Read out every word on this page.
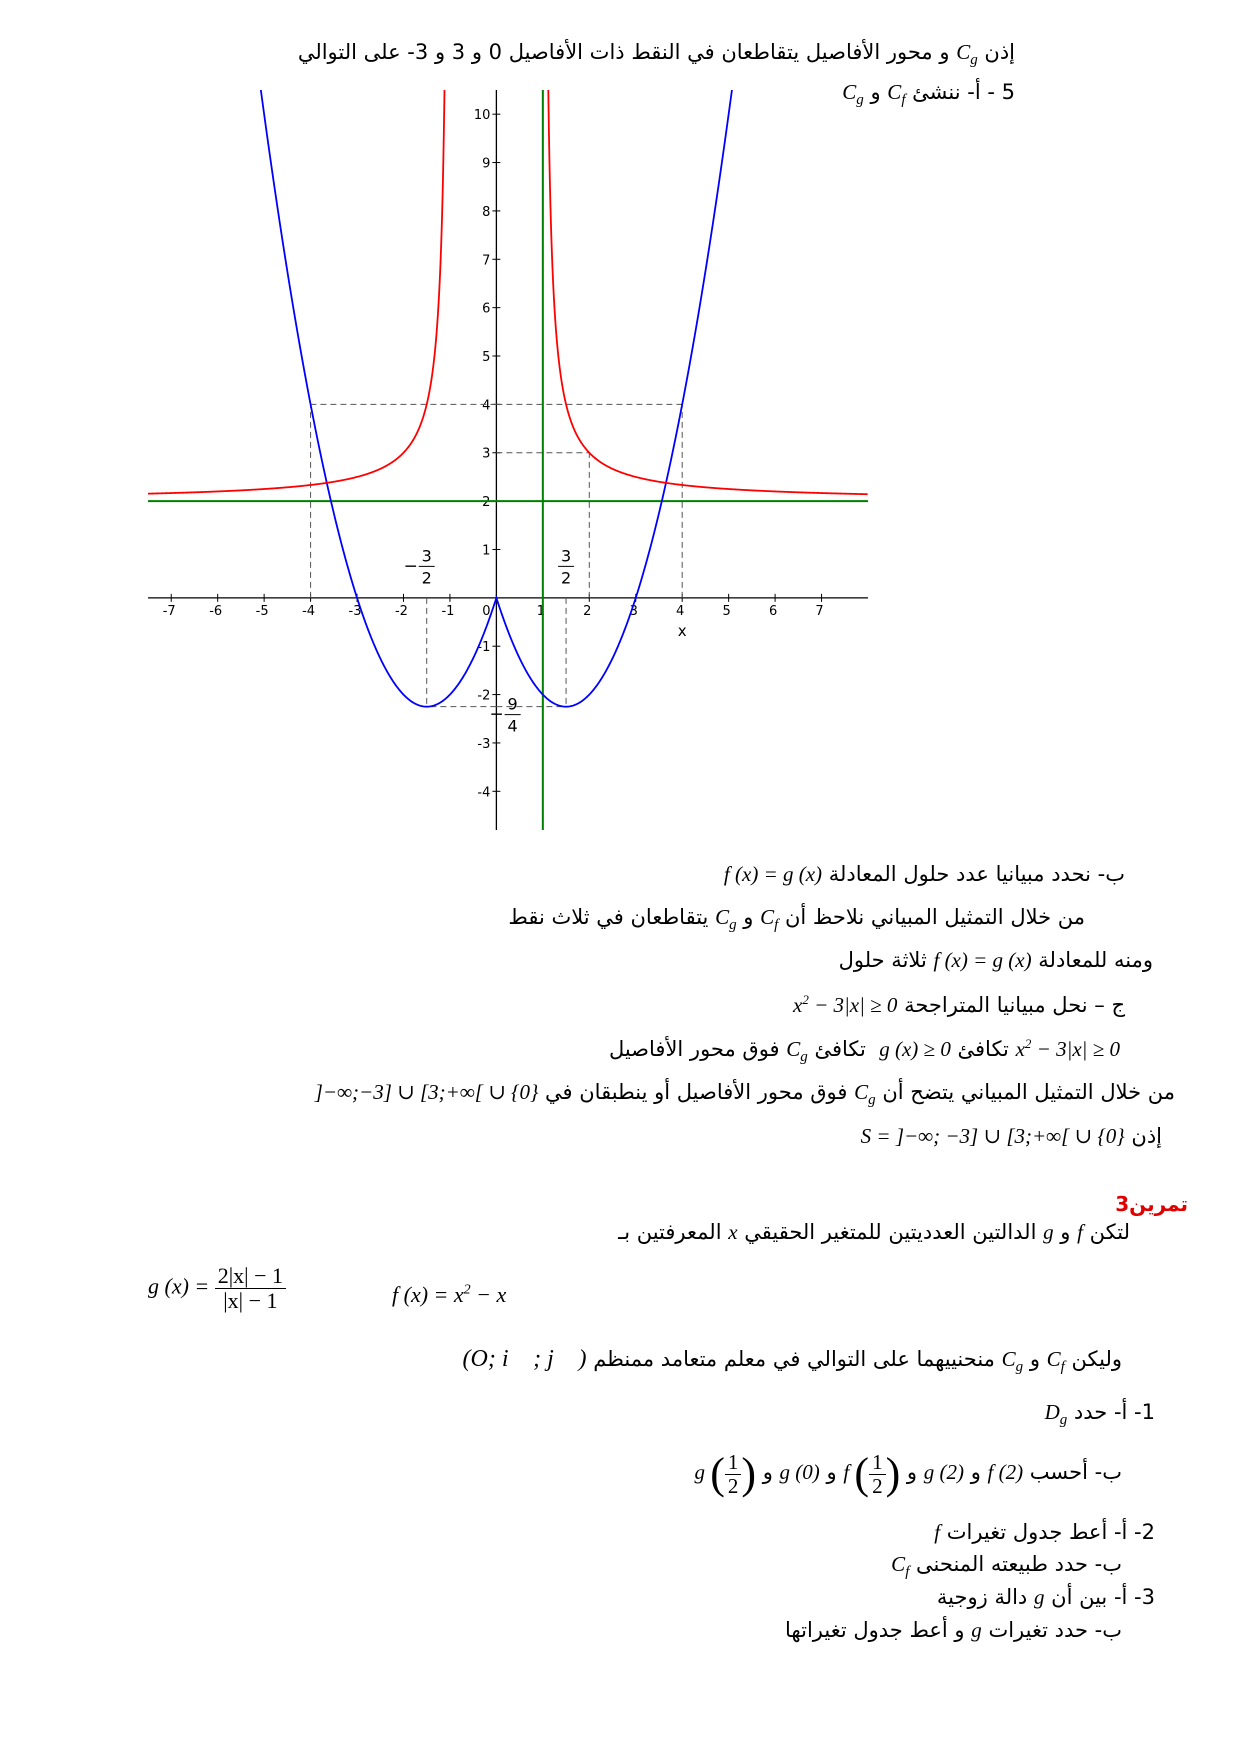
إذن $C_g$ و محور الأفاصيل يتقاطعان في النقط ذات الأفاصيل 0 و 3 و 3- على التوالي
5 - أ- ننشئ $C_f$ و $C_g$
-7	-6	-5	-4	-3	-2	-1 0	1	2	3	4	5	6	7
-4
-3
-2
-1
1
2
3
4
5
6
7
8
9
10
x
−
3
2
3
2
−
9
4
ب- نحدد مبيانيا عدد حلول المعادلة f (x) = g (x)
من خلال التمثيل المبياني نلاحظ أن $C_f$ و $C_g$ يتقاطعان في ثلاث نقط
ومنه للمعادلة f (x) = g (x) ثلاثة حلول
ج – نحل مبيانيا المتراجحة $x^2 - 3|x| \ge 0$
$x^2 - 3|x| \ge 0$ تكافئ g (x) ≥ 0  تكافئ $C_g$ فوق محور الأفاصيل
من خلال التمثيل المبياني يتضح أن $C_g$ فوق محور الأفاصيل أو ينطبقان في ]−∞;−3] ∪ [3;+∞[ ∪ {0}
إذن S = ]−∞; −3] ∪ [3;+∞[ ∪ {0}
تمرين3
لتكن f و g الدالتين العدديتين للمتغير الحقيقي x المعرفتين بـ
g $(x) = \frac{2|x| - 1}{|x| - 1}$	f $(x) = x^2 - x$
وليكن $C_f$ و $C_g$ منحنييهما على التوالي في معلم متعامد ممنظم (O; i⃗ ; j⃗ )
1- أ- حدد $D_g$
ب- أحسب f (2) و g (2) و f ( $\frac{1}{2}$ ) و g (0) و g ( $\frac{1}{2}$ )
2- أ- أعط جدول تغيرات f
ب- حدد طبيعته المنحنى $C_f$
3- أ- بين أن g دالة زوجية
ب- حدد تغيرات g و أعط جدول تغيراتها
